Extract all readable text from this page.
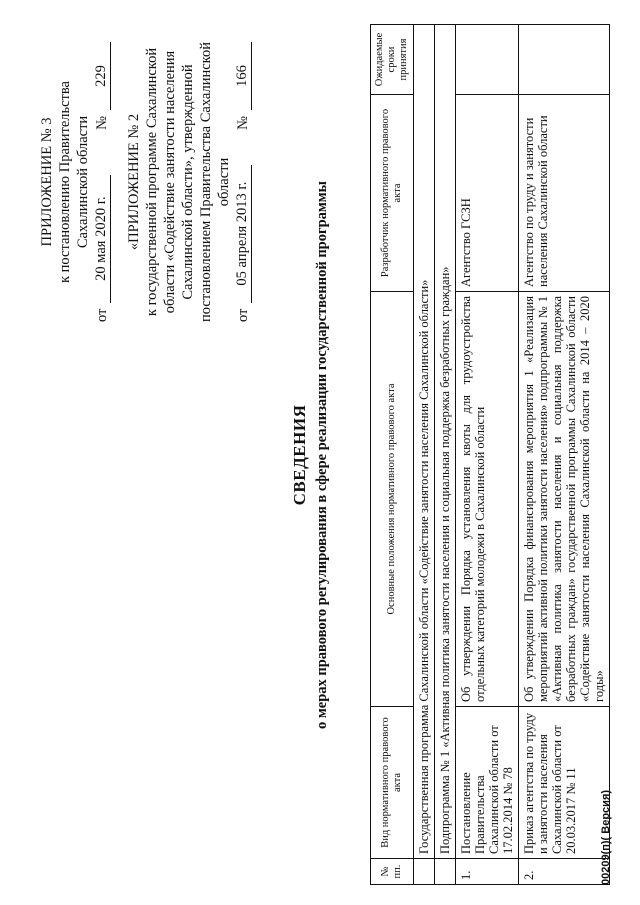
ПРИЛОЖЕНИЕ № 3 к постановлению Правительства Сахалинской области
от
20 мая 2020 г.
№
229
«ПРИЛОЖЕНИЕ № 2 к государственной программе Сахалинской области «Содействие занятости населения Сахалинской области», утвержденной постановлением Правительства Сахалинской области
от
05 апреля 2013 г.
№
166
СВЕДЕНИЯ о мерах правового регулирования в сфере реализации государственной программы
№ пп.	Вид нормативного правового акта	Основные положения нормативного правового акта	Разработчик нормативного правового акта	Ожидаемые сроки принятия
	Государственная программа Сахалинской области «Содействие занятости населения Сахалинской области»			
	Подпрограмма № 1 «Активная политика занятости населения и социальная поддержка безработных граждан»			
1.	Постановление Правительства Сахалинской области от 17.02.2014 № 78	Об утверждении Порядка установления квоты для трудоустройства отдельных категорий молодежи в Сахалинской области	Агентство ГСЗН	
2.	Приказ агентства по труду и занятости населения Сахалинской области от 20.03.2017 № 11	Об утверждении Порядка финансирования мероприятия 1 «Реализация мероприятий активной политики занятости населения» подпрограммы № 1 «Активная политика занятости населения и социальная поддержка безработных граждан» государственной программы Сахалинской области «Содействие занятости населения Сахалинской области на 2014 – 2020 годы»	Агентство по труду и занятости населения Сахалинской области	
00209(п)( Версия)
